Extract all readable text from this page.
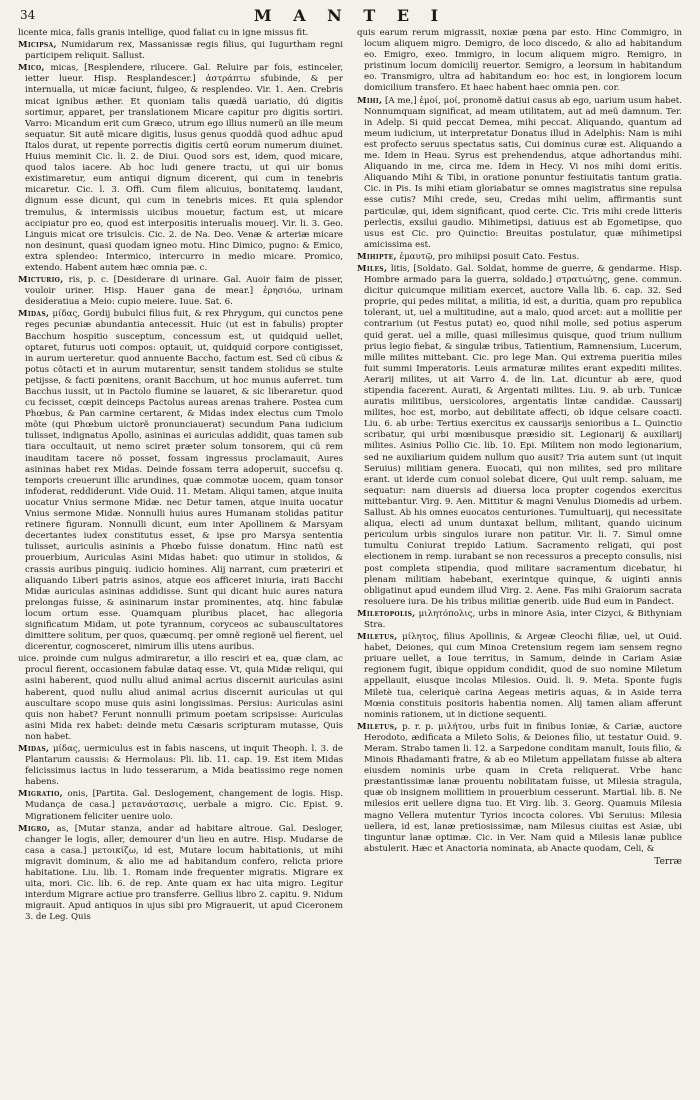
34	M A N T E I

licente mica, falls granis intellige, quod faliat cu in igne missus fit.

Micipsa, Numidarum rex, Massanissæ regis filius, qui Iugurtham regni participem reliquit. Sallust.

Mico, micas, [Resplendere, rilucere. Gal. Reluire par fois, estinceler, ietter lueur. Hisp. Resplandescer.] ἀστράπτω sfubinde, & per internualla, ut micæ faciunt, fulgeo, & resplendeo. Vir. 1. Aen. Crebris micat ignibus æther. Et quoniam talis quædã uariatio, dú digitis sortimur, apparet, per translationem Micare capitur pro digitis sortiri. Varro: Micandum erit cum Græco, utrum ego illius numerũ an ille meum sequatur. Sit autẽ micare digitis, lusus genus quoddã quod adhuc apud Italos durat, ut repente porrectis digitis certũ eorum numerum diuinet. Huius meminit Cic. li. 2. de Diui. Quod sors est, idem, quod micare, quod talos iacere. Ab hoc ludi genere tractu, ut qui uir bonus existimaretur, eum antiqui dignum dicerent, qui cum in tenebris micaretur. Cic. l. 3. Offi. Cum filem alicuius, bonitatemq. laudant, dignum esse dicunt, qui cum in tenebris mices. Et quia splendor tremulus, & intermissis uicibus mouetur, factum est, ut micare accipiatur pro eo, quod est interpositis interualis mouerj. Vir. li. 3. Geo. Linguis micat ore trisulcis. Cic. 2. de Na. Deo. Venæ & arteriæ micare non desinunt, quasi quodam igneo motu. Hinc Dimico, pugno: & Emico, extra splendeo: Intermico, intercurro in medio micare. Promico, extendo. Habent autem hæc omnia pæ. c.

Micturio, ris, p. c. [Desiderare di urinare. Gal. Auoir faim de pisser, vouloir uriner. Hisp. Hauer gana de mear.] ἐρησιόω, urinam desideratiua a Meio: cupio meiere. Iuue. Sat. 6.

Midas, μίδας, Gordij bubulci filius fuit, & rex Phrygum, qui cunctos pene reges pecuniæ abundantia antecessit. Huic (ut est in fabulis) propter Bacchum hospitio susceptum, concessum est, ut quidquid uellet, optaret, futurus uoti compos: optauit, ut, quidquid corpore contigisset, in aurum uerteretur. quod annuente Baccho, factum est. Sed cũ cibus & potus cõtacti et in aurum mutarentur, sensit tandem stolidus se stulte petijsse, & facti pœnitens, oranit Bacchum, ut hoc munus auferret. tum Bacchus iussit, ut in Pactolo flumine se lauaret, & sic liberaretur. quod cu fecisset, cœpit deinceps Pactolus aureas arenas trahere. Postea cum Phœbus, & Pan carmine certarent, & Midas index electus cum Tmolo mõte (qui Phœbum uictorẽ pronunciauerat) secundum Pana iudicium tulisset, indignatus Apollo, asininas ei auriculas addidit, quas tamen sub tiara occultauit, ut nemo sciret præter solum tonsorem, qui cũ rem inauditam tacere nõ posset, fossam ingressus proclamauit, Aures asininas habet rex Midas. Deinde fossam terra adoperuit, succefsu q. temporis creuerunt illic arundines, quæ commotæ uocem, quam tonsor infoderat, reddiderunt. Vide Ouid. 11. Metam. Aliqui tamen, atque inuita uocatur Vnius sermone Midæ. nec Detur tamen, atque inuita uocatur Vnius sermone Midæ. Nonnulli huius aures Humanam stolidas patitur retinere figuram. Nonnulli dicunt, eum inter Apollinem & Marsyam decertantes iudex constitutus esset, & ipse pro Marsya sententia tulisset, auriculis asininis a Phœbo fuisse donatum. Hinc natũ est prouerbium, Auriculas Asini Midas habet: quo utimur in stolidos, & crassis auribus pinguiq. iudicio homines. Alij narrant, cum præteriri et aliquando Liberi patris asinos, atque eos afficeret iniuria, irati Bacchi Midæ auriculas asininas addidisse. Sunt qui dicant huic aures natura prelongas fuisse, & asininarum instar prominentes, atq. hinc fabulæ locum ortum esse. Quamquam pluribus placet, hac allegoria significatum Midam, ut pote tyrannum, coryceos ac subauscultatores dimittere solitum, per quos, quæcumq. per omnẽ regionẽ uel fierent, uel dicerentur, cognosceret, nimirum illis utens auribus.

uice. proinde cum nulgus admiraretur, a illo resciri et ea, quæ clam, ac procul fierent, occasionem fabulæ dataq esse. Vt, quia Midæ reliqui, qui asini haberent, quod nullu aliud animal acrius discernit auriculas asini haberent, quod nullu aliud animal acrius discernit auriculas ut qui auscultare scopo muse quis asini longissimas. Persius: Auriculas asini quis non habet? Ferunt nonnulli primum poetam scripsisse: Auriculas asini Mida rex habet: deinde metu Cæsaris scripturam mutasse, Quis non habet.

Midas, μίδας, uermiculus est in fabis nascens, ut inquit Theoph. l. 3. de Plantarum caussis: & Hermolaus: Pli. lib. 11. cap. 19. Est item Midas felicissimus iactus in ludo tesserarum, a Mida beatissimo rege nomen habens.

Migratio, onis, [Partita. Gal. Deslogement, changement de logis. Hisp. Mudança de casa.] μετανάστασις, uerbale a migro. Cic. Epist. 9. Migrationem feliciter uenire uolo.

Migro, as, [Mutar stanza, andar ad habitare altroue. Gal. Desloger, changer le logis, aller, demourer d'un lieu en autre. Hisp. Mudarse de casa a casa.] μετοικίζω, id est, Mutare locum habitationis, ut mihi migravit dominum, & alio me ad habitandum confero, relicta priore habitatione. Liu. lib. 1. Romam inde frequenter migratis. Migrare ex uita, mori. Cic. lib. 6. de rep. Ante quam ex hac uita migro. Legitur interdum Migrare actiue pro transferre. Gellius libro 2. capitu. 9. Nidum migrauit. Apud antiquos in ujus sibi pro Migrauerit, ut apud Ciceronem 3. de Leg. Quis

quis earum rerum migrassit, noxiæ pœna par esto. Hinc Commigro, in locum aliquem migro. Demigro, de loco discedo, & alio ad habitandum eo. Emigro, exeo. Immigro, in locum aliquem migro. Remigro, in pristinum locum domicilij reuertor. Semigro, a leorsum in habitandum eo. Transmigro, ultra ad habitandum eo: hoc est, in longiorem locum domicilium transfero. Et haec habent haec omnia pen. cor.

Mihi, [A me,] ἐμοί, μοί, pronomẽ datiui casus ab ego, uarium usum habet. Nonnumquam significat, ad meam utilitatem, aut ad meũ damnum. Ter. in Adelp. Si quid peccat Demea, mihi peccat. Aliquando, quantum ad meum iudicium, ut interpretatur Donatus illud in Adelphis: Nam is mihi est profecto seruus spectatus satis, Cui dominus curæ est. Aliquando a me. Idem in Heau. Syrus est prehendendus, atque adhortandus mihi. Aliquando in me, circa me. Idem in Hecy. Vi nos mihi domi eritis. Aliquando Mihi & Tibi, in oratione ponuntur festiuitatis tantum gratia. Cic. in Pis. Is mihi etiam gloriabatur se omnes magistratus sine repulsa esse cutis? Mihi crede, seu, Credas mihi uelim, affirmantis sunt particulæ, qui, idem significant, quod certe. Cic. Tris mihi crede litteris perlectis, exsilui gaudio. Mihimetipsi, datiuus est ab Egometipse, quo usus est Cic. pro Quinctio: Breuitas postulatur, quæ mihimetipsi amicissima est.

Mihipte, ἐμαυτῷ, pro mihiipsi posuit Cato. Festus.

Miles, litis, [Soldato. Gal. Soldat, homme de guerre, & gendarme. Hisp. Hombre armado para la guerra, soldado.] στρατιώτης, gene. commun. dicitur quicumque militiam exercet, auctore Valla lib. 6. cap. 32. Sed proprie, qui pedes militat, a militia, id est, a duritia, quam pro republica tolerant, ut, uel a multitudine, aut a malo, quod arcet: aut a mollitie per contrarium (ut Festus putat) eo, quod nihil molle, sed potius asperum quid gerat. uel a mille, quasi millesimus quisque, quod trium nullium prius legio fiebat, & singulæ tribus, Tatientium, Ramnensium, Lucerum, mille milites mittebant. Cic. pro lege Man. Qui extrema pueritia miles fuit summi Imperatoris. Leuis armaturæ milites erant expediti milites. Aerarij milites, ut ait Varro 4. de lin. Lat. dicuntur ab ære, quod stipendia facerent. Aurati, & Argentati milites. Liu. 9. ab urb. Tunicæ auratis militibus, uersicolores, argentatis lintæ candidæ. Caussarij milites, hoc est, morbo, aut debilitate affecti, ob idque celsare coacti. Liu. 6. ab urbe: Tertius exercitus ex caussarijs senioribus a L. Quinctio scribatur, qui urbi mœnibusque præsidio sit. Legionarij & auxiliarij milites. Asinius Pollio Cic. lib. 10. Epi. Militem non modo legionarium, sed ne auxiliarium quidem nullum quo ausit? Tria autem sunt (ut inquit Seruius) militiam genera. Euocati, qui non milites, sed pro militare erant. ut iderde cum conuol solebat dicere, Qui uult remp. saluam, me sequatur: nam diuersis ad diuersa loca propter cogendos exercitus mittebantur. Virg. 9. Aen. Mittitur & magni Venulus Diomedis ad urbem. Sallust. Ab his omnes euocatos centuriones. Tumultuarij, qui necessitate aliqua, electi ad unum duntaxat bellum, militant, quando uicinum periculum urbis singulos iurare non patitur. Vir. li. 7. Simul omne tumultu Coniurat trepido Latium. Sacramento religati, qui post electionem in remp. iurabant se non recessuros a precepto consulis, nisi post completa stipendia, quod militare sacramentum dicebatur, hi plenam militiam habebant, exerintque quinque, & uiginti annis obligatinut apud eundem illud Virg. 2. Aene. Fas mihi Graiorum sacrata resoluere iura. De his tribus militiæ generib. uide Bud eum in Pandect.

Miletopolis, μιλητόπολις, urbs in minore Asia, inter Cizyci, & Bithyniam Stra.

Miletus, μίλητος, filius Apollinis, & Argeæ Cleochi filiæ, uel, ut Ouid. habet, Deiones, qui cum Minoa Cretensium regem iam sensem regno priuare uellet, a Ioue territus, in Samum, deinde in Cariam Asiæ regionem fugit, ibique oppidum condidit, quod de suo nomine Miletum appellauit, eiusque incolas Milesios. Ouid. li. 9. Meta. Sponte fugis Miletè tua, celeriquè carina Aegeas metiris aquas, & in Aside terra Mœnia constituis positoris habentia nomen. Alij tamen aliam afferunt nominis rationem, ut in dictione sequenti.

Miletus, p. r. p. μιλήτου, urbs fuit in finibus Ioniæ, & Cariæ, auctore Herodoto, ædificata a Mileto Solis, & Deiones filio, ut testatur Ouid. 9. Meram. Strabo tamen li. 12. a Sarpedone conditam manult, Iouis filio, & Minois Rhadamanti fratre, & ab eo Miletum appellatam fuisse ab altera eiusdem nominis urbe quam in Creta reliquerat. Vrbe hanc præstantissimæ lanæ prouentu nobilitatam fuisse, ut Milesia stragula, quæ ob insignem mollitiem in prouerbium cesserunt. Martial. lib. 8. Ne milesios erit uellere digna tuo. Et Virg. lib. 3. Georg. Quamuis Milesia magno Vellera mutentur Tyrios incocta colores. Vbi Seruius: Milesia uellera, id est, lanæ pretiosissimæ, nam Milesus ciuitas est Asiæ, ubi tinguntur lanæ optimæ. Cic. in Ver. Nam quid a Milesis lanæ publice abstulerit. Hæc et Anactoria nominata, ab Anacte quodam, Celi, &

Terræ
